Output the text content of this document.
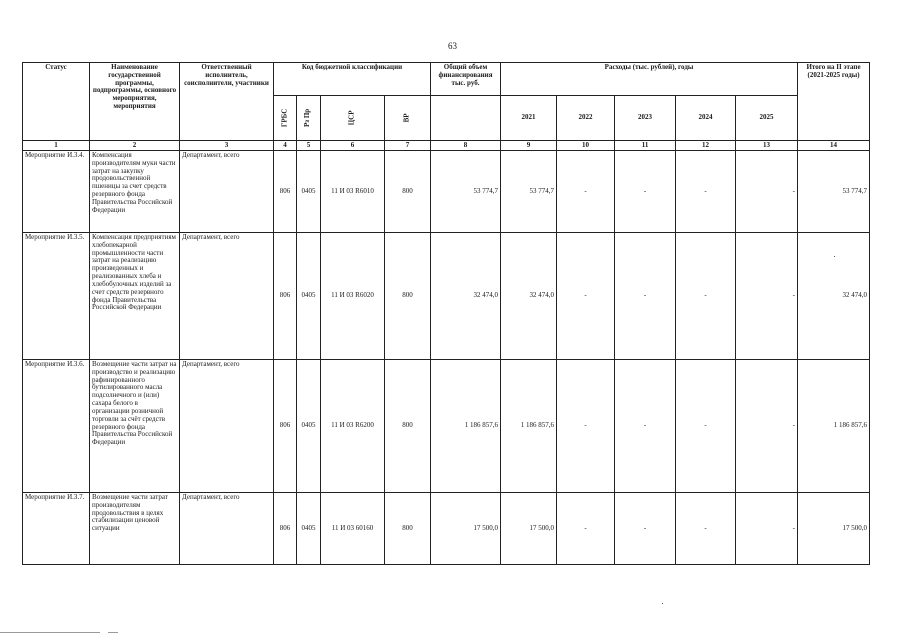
63
Статус	Наименование государственной программы, подпрограммы, основного мероприятия, мероприятия	Ответственный исполнитель, соисполнители, участники	Код бюджетной классификации				Общий объем финансирования тыс. руб.	Расходы (тыс. рублей), годы					Итого на II этапе (2021-2025 годы)
			ГРБС	Рз Пр	ЦСР	ВР		2021	2022	2023	2024	2025	
1	2	3	4	5	6	7	8	9	10	11	12	13	14
Мероприятие И.3.4.	Компенсация производителям муки части затрат на закупку продовольственной пшеницы за счет средств резервного фонда Правительства Российской Федерации	Департамент, всего	806	0405	11 И 03 R6010	800	53 774,7	53 774,7	-	-	-	-	53 774,7
Мероприятие И.3.5.	Компенсация предприятиям хлебопекарной промышленности части затрат на реализацию произведенных и реализованных хлеба и хлебобулочных изделий за счет средств резервного фонда Правительства Российской Федерации	Департамент, всего	806	0405	11 И 03 R6020	800	32 474,0	32 474,0	-	-	-	-	32 474,0
Мероприятие И.3.6.	Возмещение части затрат на производство и реализацию рафинированного бутилированного масла подсолнечного и (или) сахара белого в организации розничной торговли за счёт средств резервного фонда Правительства Российской Федерации	Департамент, всего	806	0405	11 И 03 R6200	800	1 186 857,6	1 186 857,6	-	-	-	-	1 186 857,6
Мероприятие И.3.7.	Возмещение части затрат производителям продовольствия в целях стабилизации ценовой ситуации	Департамент, всего	806	0405	11 И 03 60160	800	17 500,0	17 500,0	-	-	-	-	17 500,0
